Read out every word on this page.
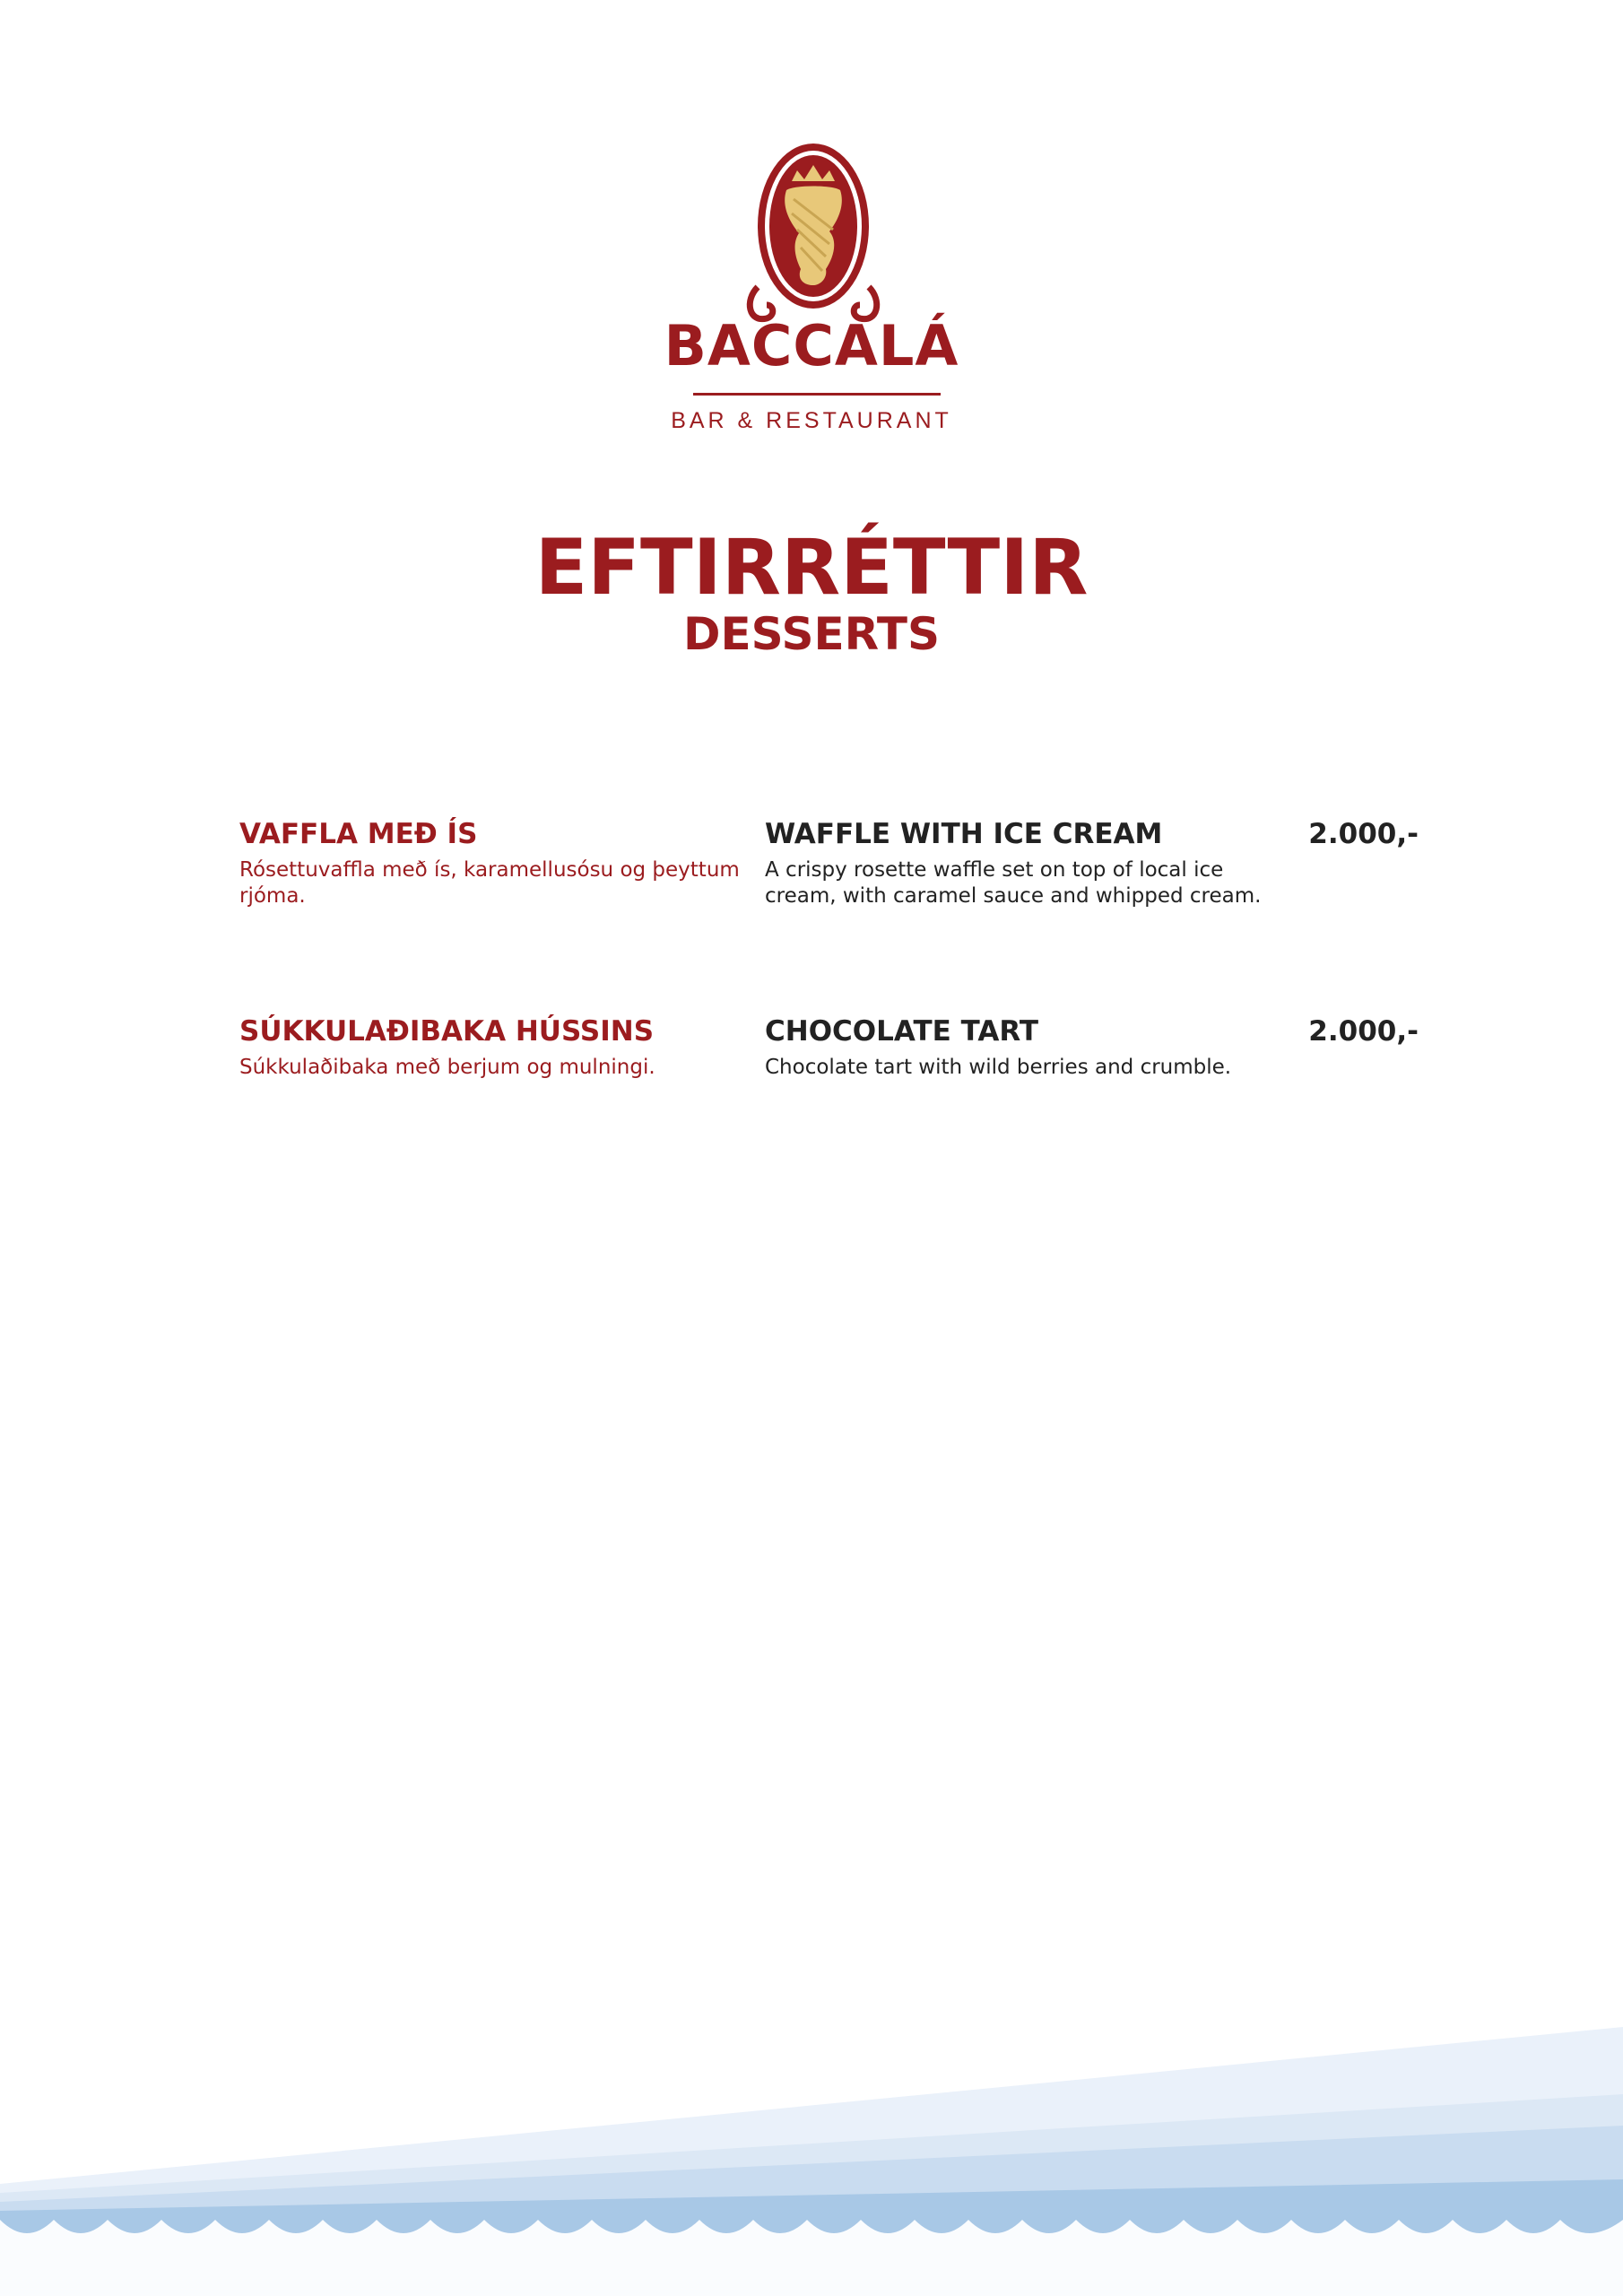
BACCALÁ
BAR & RESTAURANT
EFTIRRÉTTIR
DESSERTS
VAFFLA MEÐ ÍS
Rósettuvaffla með ís, karamellusósu og þeyttum rjóma.
WAFFLE WITH ICE CREAM
A crispy rosette waffle set on top of local ice cream, with caramel sauce and whipped cream.
2.000,-
SÚKKULAÐIBAKA HÚSSINS
Súkkulaðibaka með berjum og mulningi.
CHOCOLATE TART
Chocolate tart with wild berries and crumble.
2.000,-
